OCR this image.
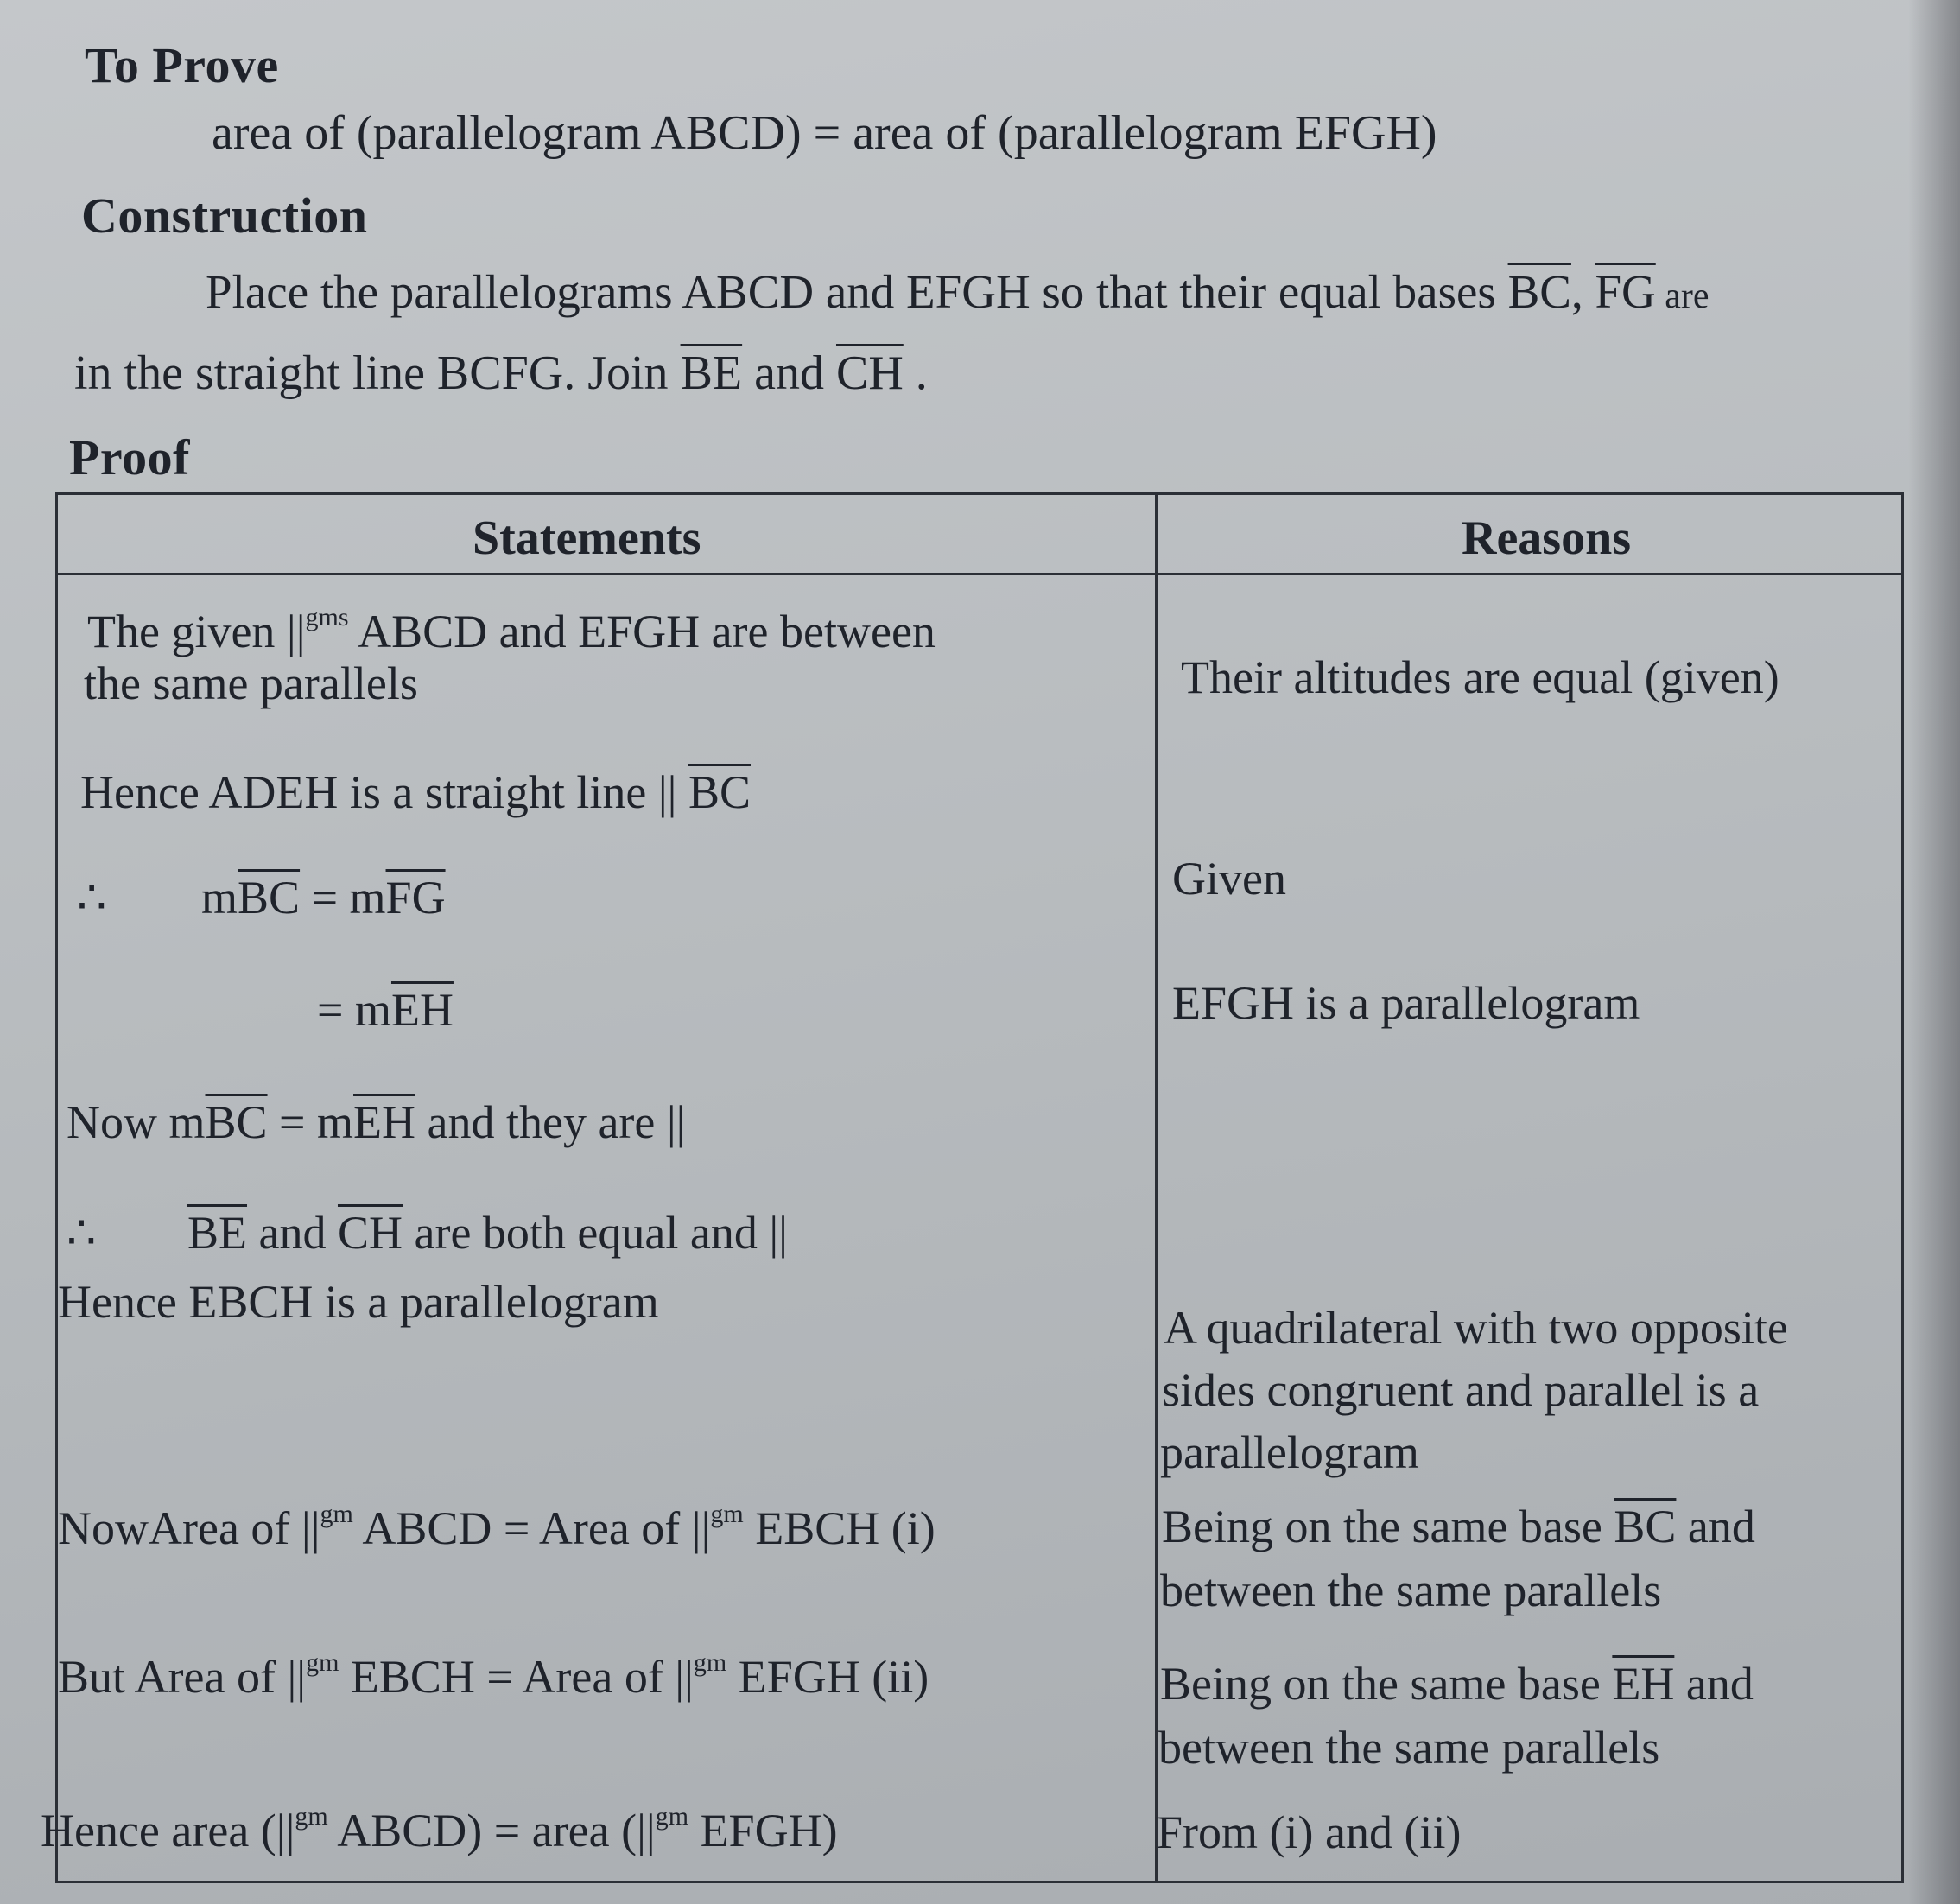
To Prove
area of (parallelogram ABCD) = area of (parallelogram EFGH)
Construction
Place the parallelograms ABCD and EFGH so that their equal bases $\overline{BC}$, $\overline{FG}$ are
in the straight line BCFG. Join $\overline{BE}$ and $\overline{CH}$ .
Proof
Statements	Reasons
The given $||^{gms}$ ABCD and EFGH are between
the same parallels	Their altitudes are equal (given)
Hence ADEH is a straight line || $\overline{BC}$
∴ $m\overline{BC} = m\overline{FG}$	Given
= $m\overline{EH}$	EFGH is a parallelogram
Now $m\overline{BC} = m\overline{EH}$ and they are ||
∴ $\overline{BE}$ and $\overline{CH}$ are both equal and ||
Hence EBCH is a parallelogram	A quadrilateral with two opposite
sides congruent and parallel is a
parallelogram
NowArea of $||^{gm}$ ABCD = Area of $||^{gm}$ EBCH (i)	Being on the same base $\overline{BC}$ and
between the same parallels
But Area of $||^{gm}$ EBCH = Area of $||^{gm}$ EFGH (ii)	Being on the same base $\overline{EH}$ and
between the same parallels
Hence area ($||^{gm}$ ABCD) = area ($||^{gm}$ EFGH)	From (i) and (ii)
